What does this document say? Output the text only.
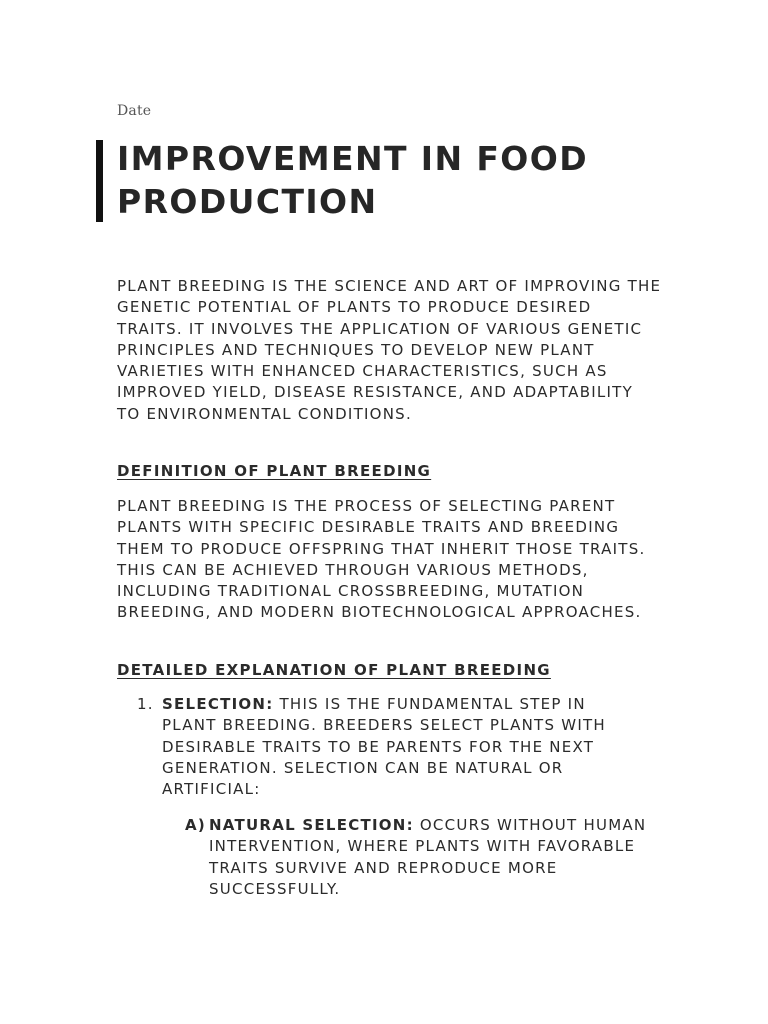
Date
IMPROVEMENT IN FOOD PRODUCTION

PLANT BREEDING IS THE SCIENCE AND ART OF IMPROVING THE GENETIC POTENTIAL OF PLANTS TO PRODUCE DESIRED TRAITS. IT INVOLVES THE APPLICATION OF VARIOUS GENETIC PRINCIPLES AND TECHNIQUES TO DEVELOP NEW PLANT VARIETIES WITH ENHANCED CHARACTERISTICS, SUCH AS IMPROVED YIELD, DISEASE RESISTANCE, AND ADAPTABILITY TO ENVIRONMENTAL CONDITIONS.

DEFINITION OF PLANT BREEDING

PLANT BREEDING IS THE PROCESS OF SELECTING PARENT PLANTS WITH SPECIFIC DESIRABLE TRAITS AND BREEDING THEM TO PRODUCE OFFSPRING THAT INHERIT THOSE TRAITS. THIS CAN BE ACHIEVED THROUGH VARIOUS METHODS, INCLUDING TRADITIONAL CROSSBREEDING, MUTATION BREEDING, AND MODERN BIOTECHNOLOGICAL APPROACHES.

DETAILED EXPLANATION OF PLANT BREEDING
1. SELECTION: THIS IS THE FUNDAMENTAL STEP IN PLANT BREEDING. BREEDERS SELECT PLANTS WITH DESIRABLE TRAITS TO BE PARENTS FOR THE NEXT GENERATION. SELECTION CAN BE NATURAL OR ARTIFICIAL:
A) NATURAL SELECTION: OCCURS WITHOUT HUMAN INTERVENTION, WHERE PLANTS WITH FAVORABLE TRAITS SURVIVE AND REPRODUCE MORE SUCCESSFULLY.
